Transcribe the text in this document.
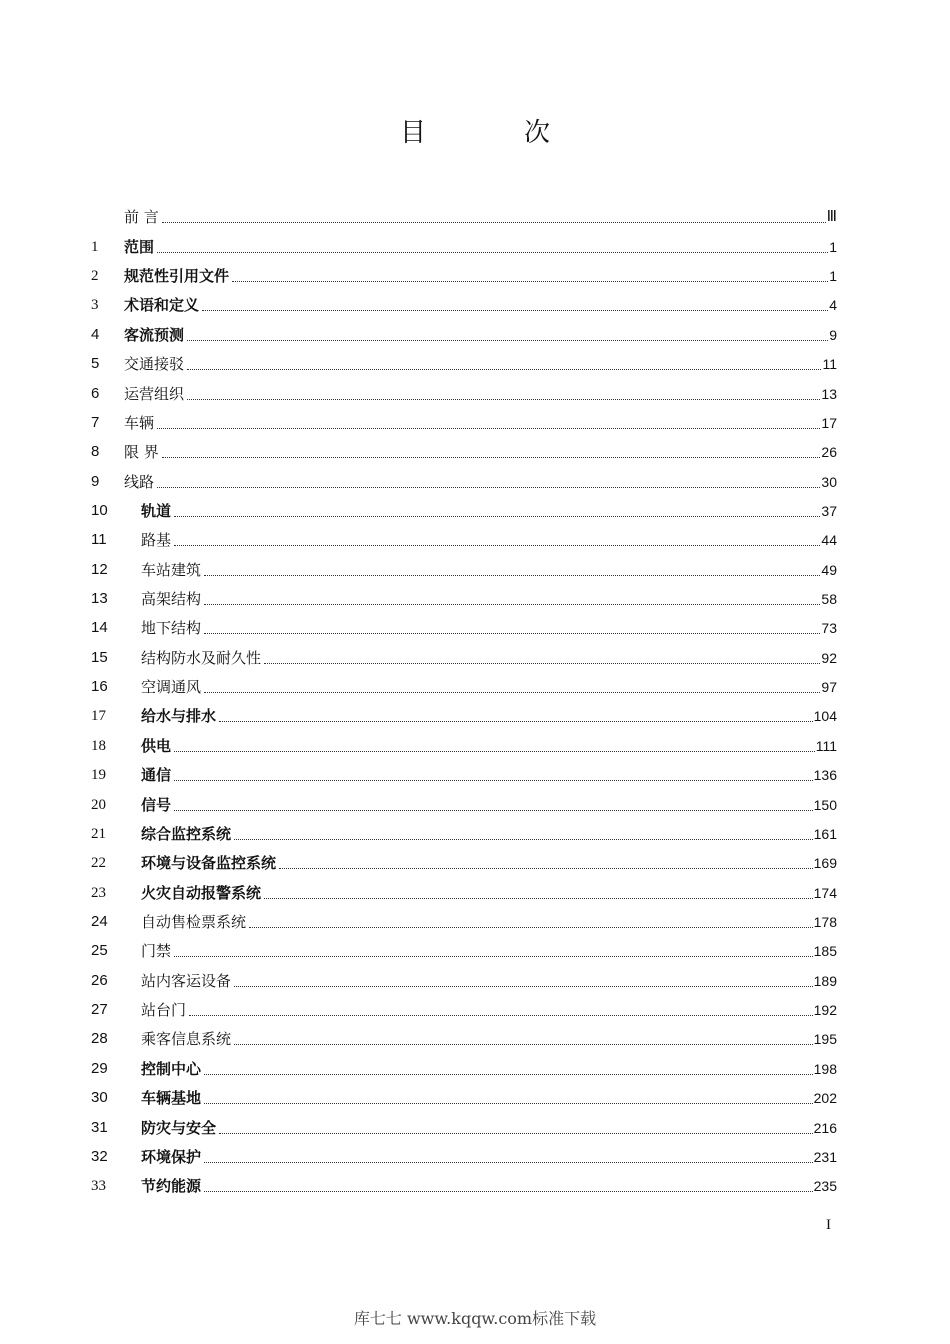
目　次
前 言	Ⅲ
1	范围	1
2	规范性引用文件	1
3	术语和定义	4
4	客流预测	9
5	交通接驳	11
6	运营组织	13
7	车辆	17
8	限 界	26
9	线路	30
10	轨道	37
11	路基	44
12	车站建筑	49
13	高架结构	58
14	地下结构	73
15	结构防水及耐久性	92
16	空调通风	97
17	给水与排水	104
18	供电	111
19	通信	136
20	信号	150
21	综合监控系统	161
22	环境与设备监控系统	169
23	火灾自动报警系统	174
24	自动售检票系统	178
25	门禁	185
26	站内客运设备	189
27	站台门	192
28	乘客信息系统	195
29	控制中心	198
30	车辆基地	202
31	防灾与安全	216
32	环境保护	231
33	节约能源	235
I
库七七 www.kqqw.com标准下载
